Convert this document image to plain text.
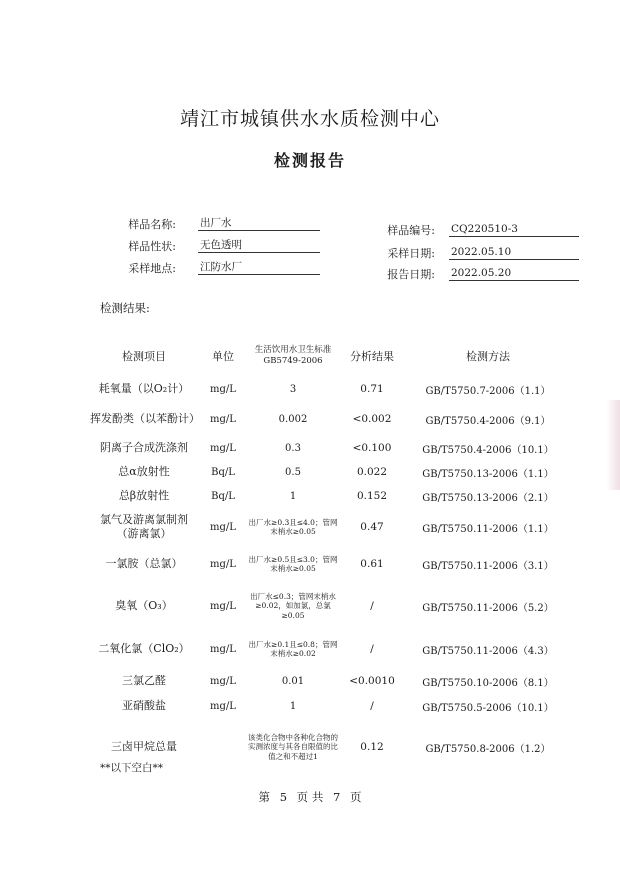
靖江市城镇供水水质检测中心
检测报告
样品名称: 出厂水
样品性状: 无色透明
采样地点: 江防水厂
样品编号: CQ220510-3
采样日期: 2022.05.10
报告日期: 2022.05.20
检测结果:
检测项目	单位	生活饮用水卫生标准GB5749-2006	分析结果	检测方法
耗氧量（以O₂计）	mg/L	3	0.71	GB/T5750.7-2006（1.1）
挥发酚类（以苯酚计）	mg/L	0.002	<0.002	GB/T5750.4-2006（9.1）
阴离子合成洗涤剂	mg/L	0.3	<0.100	GB/T5750.4-2006（10.1）
总α放射性	Bq/L	0.5	0.022	GB/T5750.13-2006（1.1）
总β放射性	Bq/L	1	0.152	GB/T5750.13-2006（2.1）
氯气及游离氯制剂（游离氯）	mg/L	出厂水≥0.3且≤4.0；管网末梢水≥0.05	0.47	GB/T5750.11-2006（1.1）
一氯胺（总氯）	mg/L	出厂水≥0.5且≤3.0；管网末梢水≥0.05	0.61	GB/T5750.11-2006（3.1）
臭氧（O₃）	mg/L	出厂水≤0.3；管网末梢水≥0.02，如加氯，总氯≥0.05	/	GB/T5750.11-2006（5.2）
二氧化氯（ClO₂）	mg/L	出厂水≥0.1且≤0.8；管网末梢水≥0.02	/	GB/T5750.11-2006（4.3）
三氯乙醛	mg/L	0.01	<0.0010	GB/T5750.10-2006（8.1）
亚硝酸盐	mg/L	1	/	GB/T5750.5-2006（10.1）
三卤甲烷总量		该类化合物中各种化合物的实测浓度与其各自限值的比值之和不超过1	0.12	GB/T5750.8-2006（1.2）
**以下空白**
第 5 页 共 7 页
